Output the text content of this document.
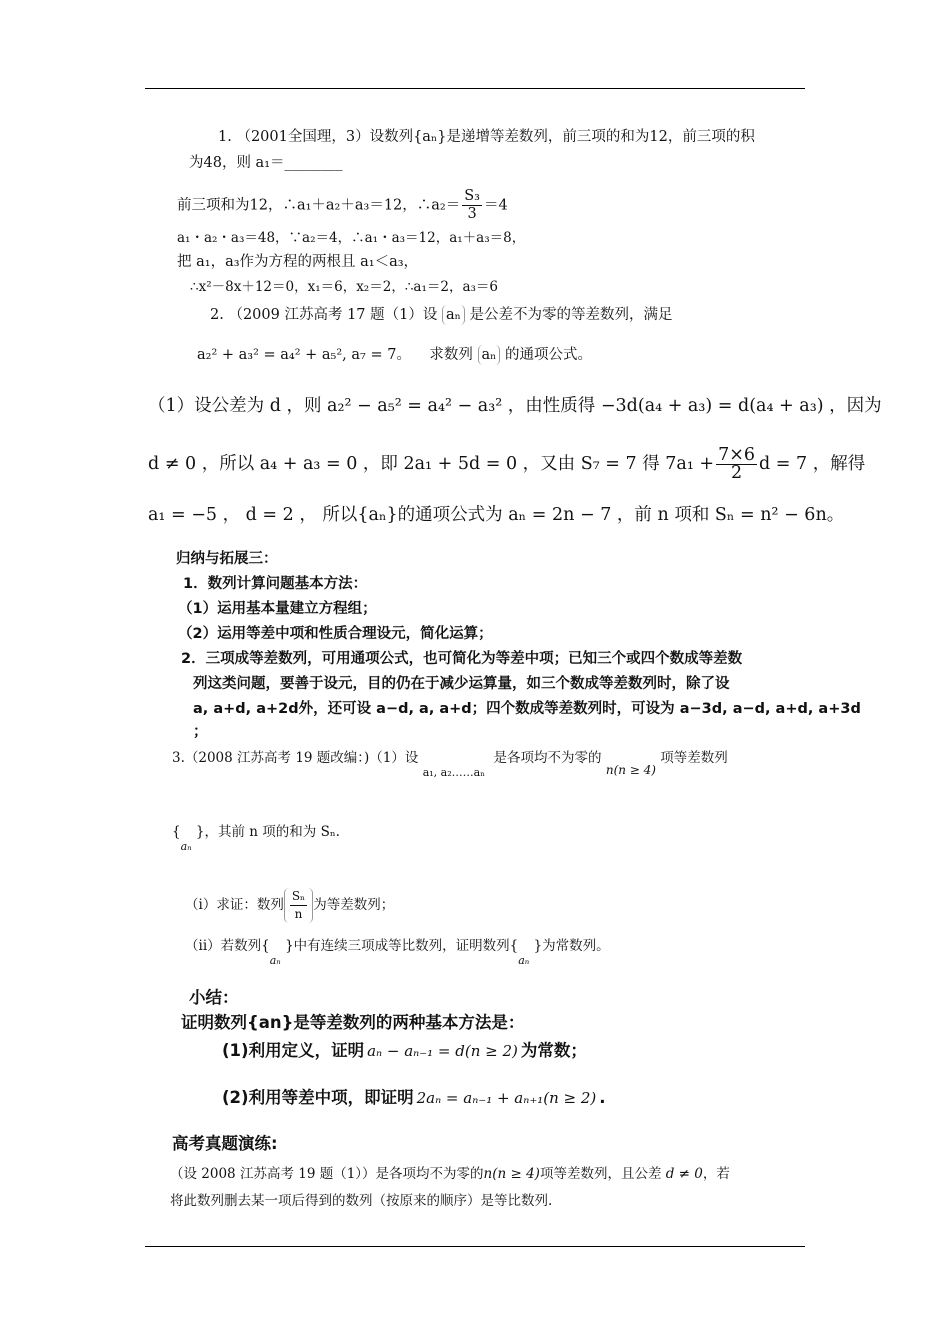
1. （2001全国理，3）设数列{aₙ}是递增等差数列，前三项的和为12，前三项的积
为48，则 a₁＝________
前三项和为12，∴a₁＋a₂＋a₃＝12，∴a₂＝ $\frac{\text{S₃}}{3} =4$
a₁・a₂・a₃＝48，∵a₂＝4，∴a₁・a₃＝12，a₁＋a₃＝8，
把 a₁，a₃作为方程的两根且 a₁＜a₃，
∴x²－8x＋12＝0，x₁＝6，x₂＝2，∴a₁＝2，a₃＝6
2. （2009 江苏高考 17 题（1）设 aₙ 是公差不为零的等差数列，满足
a₂² + a₃² = a₄² + a₅², a₇ = 7。 求数列 aₙ 的通项公式。
（1）设公差为 d ，则 a₂² − a₅² = a₄² − a₃² ，由性质得 −3d(a₄ + a₃) = d(a₄ + a₃) ，因为
d ≠ 0 ，所以 a₄ + a₃ = 0 ，即 2a₁ + 5d = 0 ，又由 S₇ = 7 得 $7a_1 + \frac{7\times 6}{2}$ d = 7 ，解得
a₁ = −5 ， d = 2 ， 所以{aₙ}的通项公式为 aₙ = 2n − 7 ，前 n 项和 Sₙ = n² − 6n。
归纳与拓展三：
1．数列计算问题基本方法：
（1）运用基本量建立方程组；
（2）运用等差中项和性质合理设元，简化运算；
2．三项成等差数列，可用通项公式，也可简化为等差中项；已知三个或四个数成等差数
列这类问题，要善于设元，目的仍在于减少运算量，如三个数成等差数列时，除了设
a, a+d, a+2d外，还可设 a−d, a, a+d；四个数成等差数列时，可设为 a−3d, a−d, a+d, a+3d
；
3.（2008 江苏高考 19 题改编：)（1）设 $_{a_1, a_2\dots\dots a_n}$  是各项均不为零的 n(n ≥ 4) 项等差数列
{$_{a_n}$ }，其前 n 项的和为 Sₙ.
（i）求证：数列 $\frac{\text{Sₙ}}{n}$ 为等差数列；
（ii）若数列{$_{a_n}$ }中有连续三项成等比数列，证明数列{$_{a_n}$ }为常数列。
小结：
证明数列{an}是等差数列的两种基本方法是：
(1)利用定义，证明 aₙ − aₙ₋₁ = d(n ≥ 2) 为常数；
(2)利用等差中项，即证明 2aₙ = aₙ₋₁ + aₙ₊₁(n ≥ 2) .
高考真题演练:
（设 2008 江苏高考 19 题（1））是各项均不为零的n(n ≥ 4)项等差数列，且公差 d ≠ 0，若
将此数列删去某一项后得到的数列（按原来的顺序）是等比数列.
